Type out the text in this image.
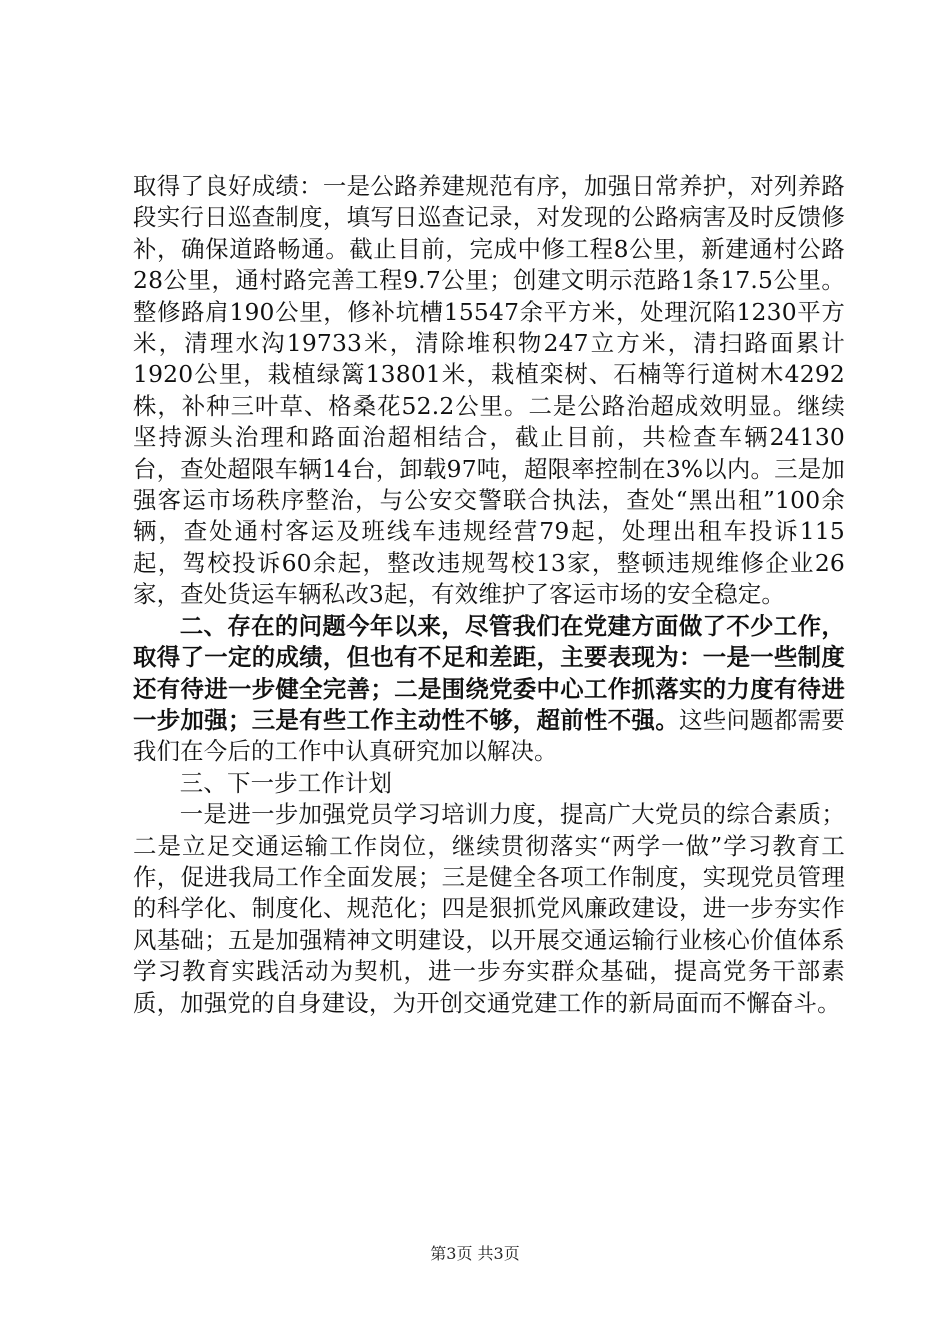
取得了良好成绩：一是公路养建规范有序，加强日常养护，对列养路段实行日巡查制度，填写日巡查记录，对发现的公路病害及时反馈修补，确保道路畅通。截止目前，完成中修工程8公里，新建通村公路28公里，通村路完善工程9.7公里；创建文明示范路1条17.5公里。整修路肩190公里，修补坑槽15547余平方米，处理沉陷1230平方米，清理水沟19733米，清除堆积物247立方米，清扫路面累计1920公里，栽植绿篱13801米，栽植栾树、石楠等行道树木4292株，补种三叶草、格桑花52.2公里。二是公路治超成效明显。继续坚持源头治理和路面治超相结合，截止目前，共检查车辆24130台，查处超限车辆14台，卸载97吨，超限率控制在3%以内。三是加强客运市场秩序整治，与公安交警联合执法，查处“黑出租”100余辆，查处通村客运及班线车违规经营79起，处理出租车投诉115起，驾校投诉60余起，整改违规驾校13家，整顿违规维修企业26家，查处货运车辆私改3起，有效维护了客运市场的安全稳定。

二、存在的问题今年以来，尽管我们在党建方面做了不少工作，取得了一定的成绩，但也有不足和差距，主要表现为：一是一些制度还有待进一步健全完善；二是围绕党委中心工作抓落实的力度有待进一步加强；三是有些工作主动性不够，超前性不强。这些问题都需要我们在今后的工作中认真研究加以解决。

三、下一步工作计划

一是进一步加强党员学习培训力度，提高广大党员的综合素质；二是立足交通运输工作岗位，继续贯彻落实“两学一做”学习教育工作，促进我局工作全面发展；三是健全各项工作制度，实现党员管理的科学化、制度化、规范化；四是狠抓党风廉政建设，进一步夯实作风基础；五是加强精神文明建设，以开展交通运输行业核心价值体系学习教育实践活动为契机，进一步夯实群众基础，提高党务干部素质，加强党的自身建设，为开创交通党建工作的新局面而不懈奋斗。

第3页 共3页
